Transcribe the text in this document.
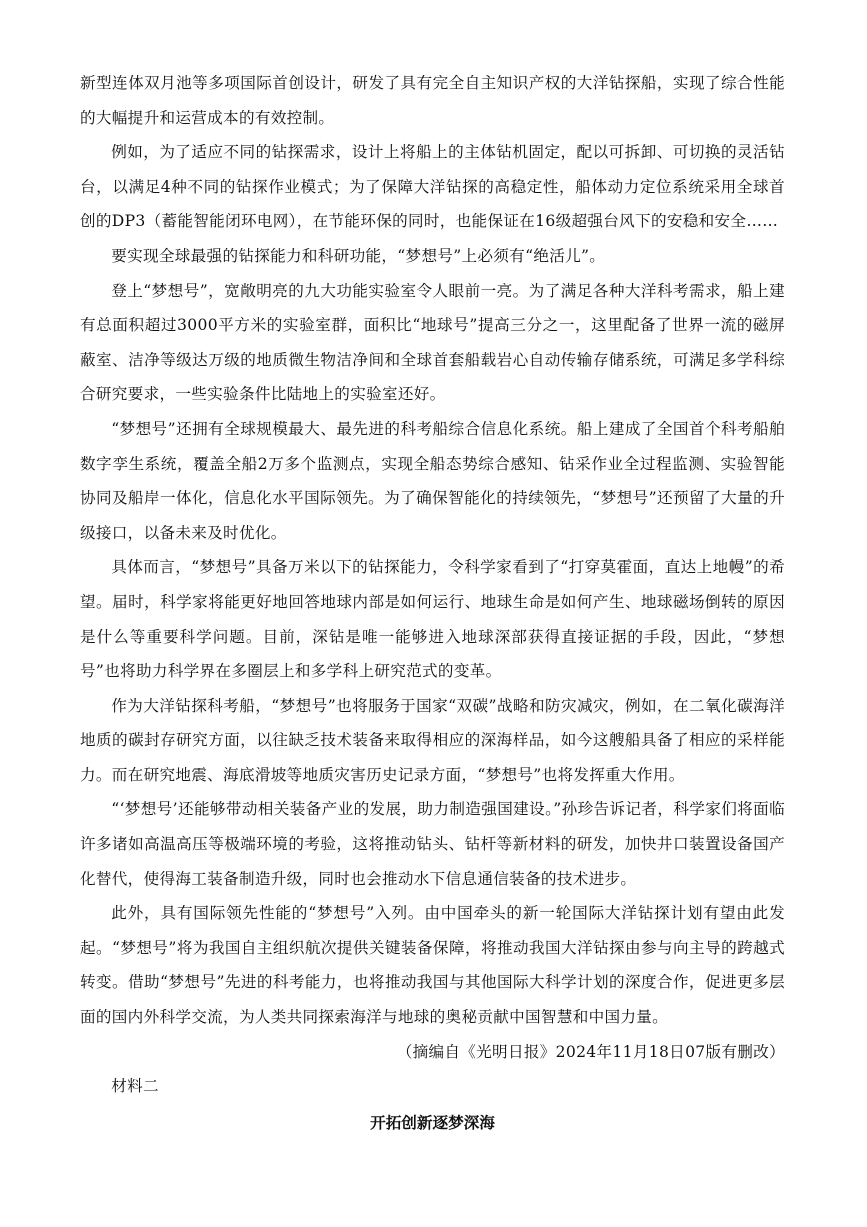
新型连体双月池等多项国际首创设计，研发了具有完全自主知识产权的大洋钻探船，实现了综合性能的大幅提升和运营成本的有效控制。

例如，为了适应不同的钻探需求，设计上将船上的主体钻机固定，配以可拆卸、可切换的灵活钻台，以满足4种不同的钻探作业模式；为了保障大洋钻探的高稳定性，船体动力定位系统采用全球首创的DP3（蓄能智能闭环电网），在节能环保的同时，也能保证在16级超强台风下的安稳和安全……

要实现全球最强的钻探能力和科研功能，“梦想号”上必须有“绝活儿”。

登上“梦想号”，宽敞明亮的九大功能实验室令人眼前一亮。为了满足各种大洋科考需求，船上建有总面积超过3000平方米的实验室群，面积比“地球号”提高三分之一，这里配备了世界一流的磁屏蔽室、洁净等级达万级的地质微生物洁净间和全球首套船载岩心自动传输存储系统，可满足多学科综合研究要求，一些实验条件比陆地上的实验室还好。

“梦想号”还拥有全球规模最大、最先进的科考船综合信息化系统。船上建成了全国首个科考船舶数字孪生系统，覆盖全船2万多个监测点，实现全船态势综合感知、钻采作业全过程监测、实验智能协同及船岸一体化，信息化水平国际领先。为了确保智能化的持续领先，“梦想号”还预留了大量的升级接口，以备未来及时优化。

具体而言，“梦想号”具备万米以下的钻探能力，令科学家看到了“打穿莫霍面，直达上地幔”的希望。届时，科学家将能更好地回答地球内部是如何运行、地球生命是如何产生、地球磁场倒转的原因是什么等重要科学问题。目前，深钻是唯一能够进入地球深部获得直接证据的手段，因此，“梦想号”也将助力科学界在多圈层上和多学科上研究范式的变革。

作为大洋钻探科考船，“梦想号”也将服务于国家“双碳”战略和防灾减灾，例如，在二氧化碳海洋地质的碳封存研究方面，以往缺乏技术装备来取得相应的深海样品，如今这艘船具备了相应的采样能力。而在研究地震、海底滑坡等地质灾害历史记录方面，“梦想号”也将发挥重大作用。

“‘梦想号’还能够带动相关装备产业的发展，助力制造强国建设。”孙珍告诉记者，科学家们将面临许多诸如高温高压等极端环境的考验，这将推动钻头、钻杆等新材料的研发，加快井口装置设备国产化替代，使得海工装备制造升级，同时也会推动水下信息通信装备的技术进步。

此外，具有国际领先性能的“梦想号”入列。由中国牵头的新一轮国际大洋钻探计划有望由此发起。“梦想号”将为我国自主组织航次提供关键装备保障，将推动我国大洋钻探由参与向主导的跨越式转变。借助“梦想号”先进的科考能力，也将推动我国与其他国际大科学计划的深度合作，促进更多层面的国内外科学交流，为人类共同探索海洋与地球的奥秘贡献中国智慧和中国力量。

（摘编自《光明日报》2024年11月18日07版有删改）

材料二

开拓创新逐梦深海
